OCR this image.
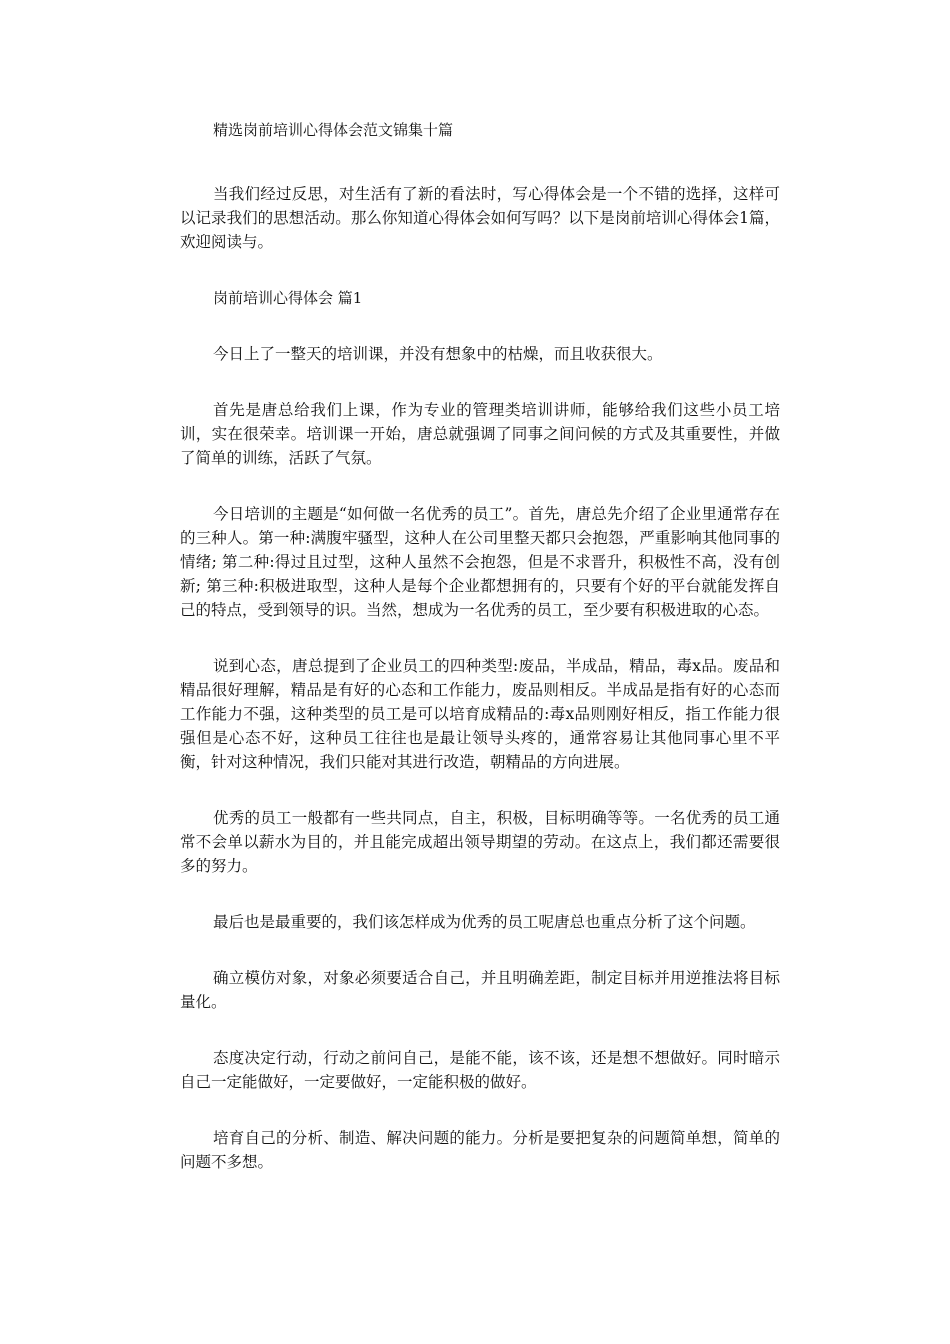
精选岗前培训心得体会范文锦集十篇

当我们经过反思，对生活有了新的看法时，写心得体会是一个不错的选择，这样可以记录我们的思想活动。那么你知道心得体会如何写吗？以下是岗前培训心得体会1篇，欢迎阅读与。

岗前培训心得体会 篇1

今日上了一整天的培训课，并没有想象中的枯燥，而且收获很大。

首先是唐总给我们上课，作为专业的管理类培训讲师，能够给我们这些小员工培训，实在很荣幸。培训课一开始，唐总就强调了同事之间问候的方式及其重要性，并做了简单的训练，活跃了气氛。

今日培训的主题是“如何做一名优秀的员工”。首先，唐总先介绍了企业里通常存在的三种人。第一种:满腹牢骚型，这种人在公司里整天都只会抱怨，严重影响其他同事的情绪; 第二种:得过且过型，这种人虽然不会抱怨，但是不求晋升，积极性不高，没有创新; 第三种:积极进取型，这种人是每个企业都想拥有的，只要有个好的平台就能发挥自己的特点，受到领导的识。当然，想成为一名优秀的员工，至少要有积极进取的心态。

说到心态，唐总提到了企业员工的四种类型:废品，半成品，精品，毒x品。废品和精品很好理解，精品是有好的心态和工作能力，废品则相反。半成品是指有好的心态而工作能力不强，这种类型的员工是可以培育成精品的:毒x品则刚好相反，指工作能力很强但是心态不好，这种员工往往也是最让领导头疼的，通常容易让其他同事心里不平衡，针对这种情况，我们只能对其进行改造，朝精品的方向进展。

优秀的员工一般都有一些共同点，自主，积极，目标明确等等。一名优秀的员工通常不会单以薪水为目的，并且能完成超出领导期望的劳动。在这点上，我们都还需要很多的努力。

最后也是最重要的，我们该怎样成为优秀的员工呢唐总也重点分析了这个问题。

确立模仿对象，对象必须要适合自己，并且明确差距，制定目标并用逆推法将目标量化。

态度决定行动，行动之前问自己，是能不能，该不该，还是想不想做好。同时暗示自己一定能做好，一定要做好，一定能积极的做好。

培育自己的分析、制造、解决问题的能力。分析是要把复杂的问题简单想，简单的问题不多想。
